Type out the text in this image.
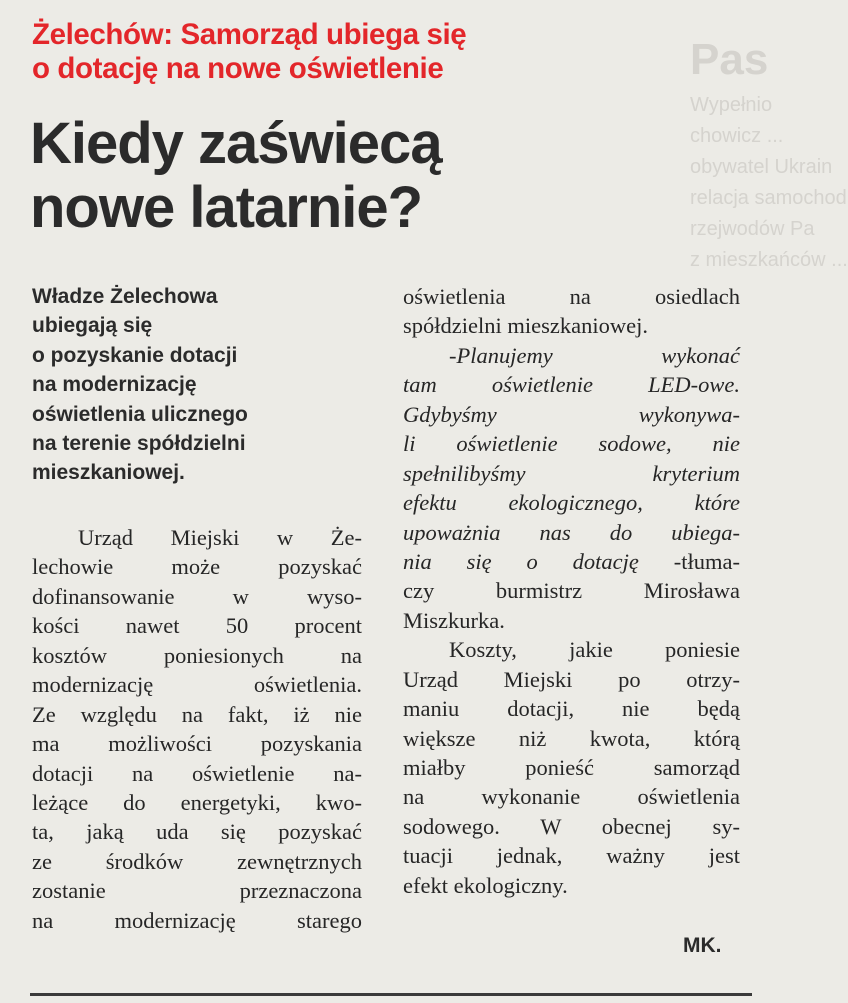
Pas
Wypełnio
chowicz ...
obywatel Ukrain
relacja samochod
rzejwodów Pa
z mieszkańców ...
Żelechów: Samorząd ubiega się
o dotację na nowe oświetlenie
Kiedy zaświecą
nowe latarnie?
Władze Żelechowa
ubiegają się
o pozyskanie dotacji
na modernizację
oświetlenia ulicznego
na terenie spółdzielni
mieszkaniowej.
Urząd Miejski w Że-
lechowie może pozyskać
dofinansowanie w wyso-
kości nawet 50 procent
kosztów poniesionych na
modernizację oświetlenia.
Ze względu na fakt, iż nie
ma możliwości pozyskania
dotacji na oświetlenie na-
leżące do energetyki, kwo-
ta, jaką uda się pozyskać
ze środków zewnętrznych
zostanie przeznaczona
na modernizację starego
oświetlenia na osiedlach
spółdzielni mieszkaniowej.
-Planujemy wykonać
tam oświetlenie LED-owe.
Gdybyśmy wykonywa-
li oświetlenie sodowe, nie
spełnilibyśmy kryterium
efektu ekologicznego, które
upoważnia nas do ubiega-
nia się o dotację -tłuma-
czy burmistrz Mirosława
Miszkurka.
Koszty, jakie poniesie
Urząd Miejski po otrzy-
maniu dotacji, nie będą
większe niż kwota, którą
miałby ponieść samorząd
na wykonanie oświetlenia
sodowego. W obecnej sy-
tuacji jednak, ważny jest
efekt ekologiczny.
MK.
